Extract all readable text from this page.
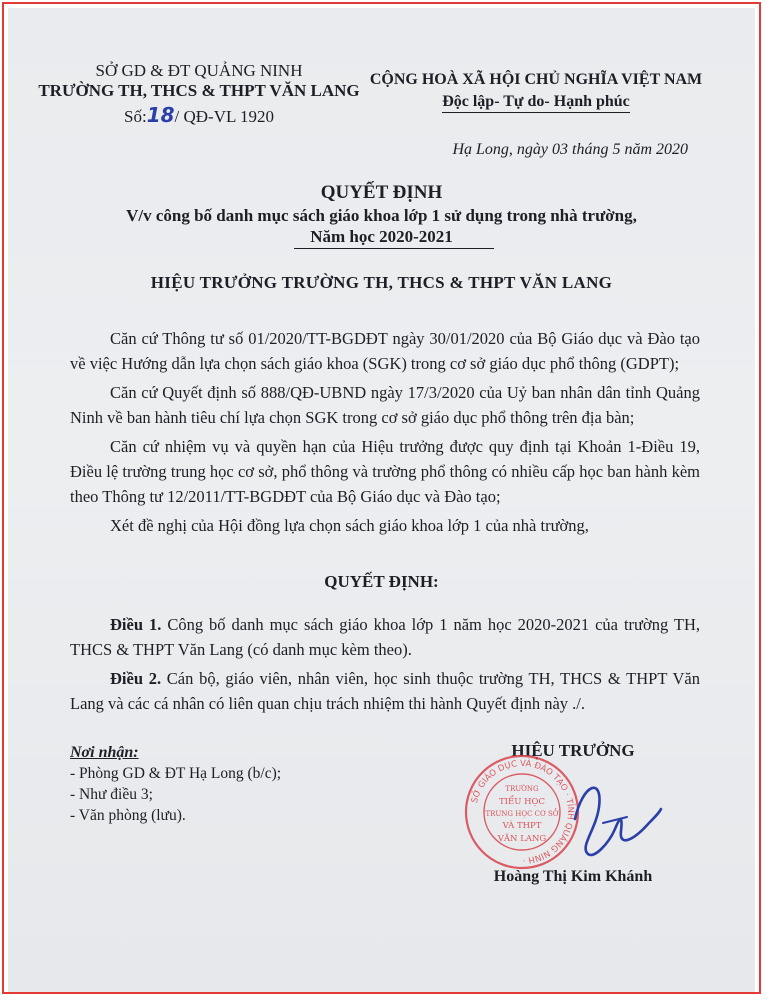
SỞ GD & ĐT QUẢNG NINH
TRƯỜNG TH, THCS & THPT VĂN LANG
Số:18/ QĐ-VL 1920
CỘNG HOÀ XÃ HỘI CHỦ NGHĨA VIỆT NAM
Độc lập- Tự do- Hạnh phúc
Hạ Long, ngày 03 tháng 5 năm 2020
QUYẾT ĐỊNH
V/v công bố danh mục sách giáo khoa lớp 1 sử dụng trong nhà trường,
Năm học 2020-2021
HIỆU TRƯỞNG TRƯỜNG TH, THCS & THPT VĂN LANG

Căn cứ Thông tư số 01/2020/TT-BGDĐT ngày 30/01/2020 của Bộ Giáo dục và Đào tạo về việc Hướng dẫn lựa chọn sách giáo khoa (SGK) trong cơ sở giáo dục phổ thông (GDPT);

Căn cứ Quyết định số 888/QĐ-UBND ngày 17/3/2020 của Uỷ ban nhân dân tỉnh Quảng Ninh về ban hành tiêu chí lựa chọn SGK trong cơ sở giáo dục phổ thông trên địa bàn;

Căn cứ nhiệm vụ và quyền hạn của Hiệu trưởng được quy định tại Khoản 1-Điều 19, Điều lệ trường trung học cơ sở, phổ thông và trường phổ thông có nhiều cấp học ban hành kèm theo Thông tư 12/2011/TT-BGDĐT của Bộ Giáo dục và Đào tạo;

Xét đề nghị của Hội đồng lựa chọn sách giáo khoa lớp 1 của nhà trường,

QUYẾT ĐỊNH:

Điều 1. Công bố danh mục sách giáo khoa lớp 1 năm học 2020-2021 của trường TH, THCS & THPT Văn Lang (có danh mục kèm theo).

Điều 2. Cán bộ, giáo viên, nhân viên, học sinh thuộc trường TH, THCS & THPT Văn Lang và các cá nhân có liên quan chịu trách nhiệm thi hành Quyết định này ./.

Nơi nhận:
- Phòng GD & ĐT Hạ Long (b/c);
- Như điều 3;
- Văn phòng (lưu).
HIỆU TRƯỞNG
SỞ GIÁO DỤC VÀ ĐÀO TẠO · TỈNH QUẢNG NINH ·
TRƯỜNG
TIỂU HỌC
TRUNG HỌC CƠ SỞ
VÀ THPT
VĂN LANG
Hoàng Thị Kim Khánh
